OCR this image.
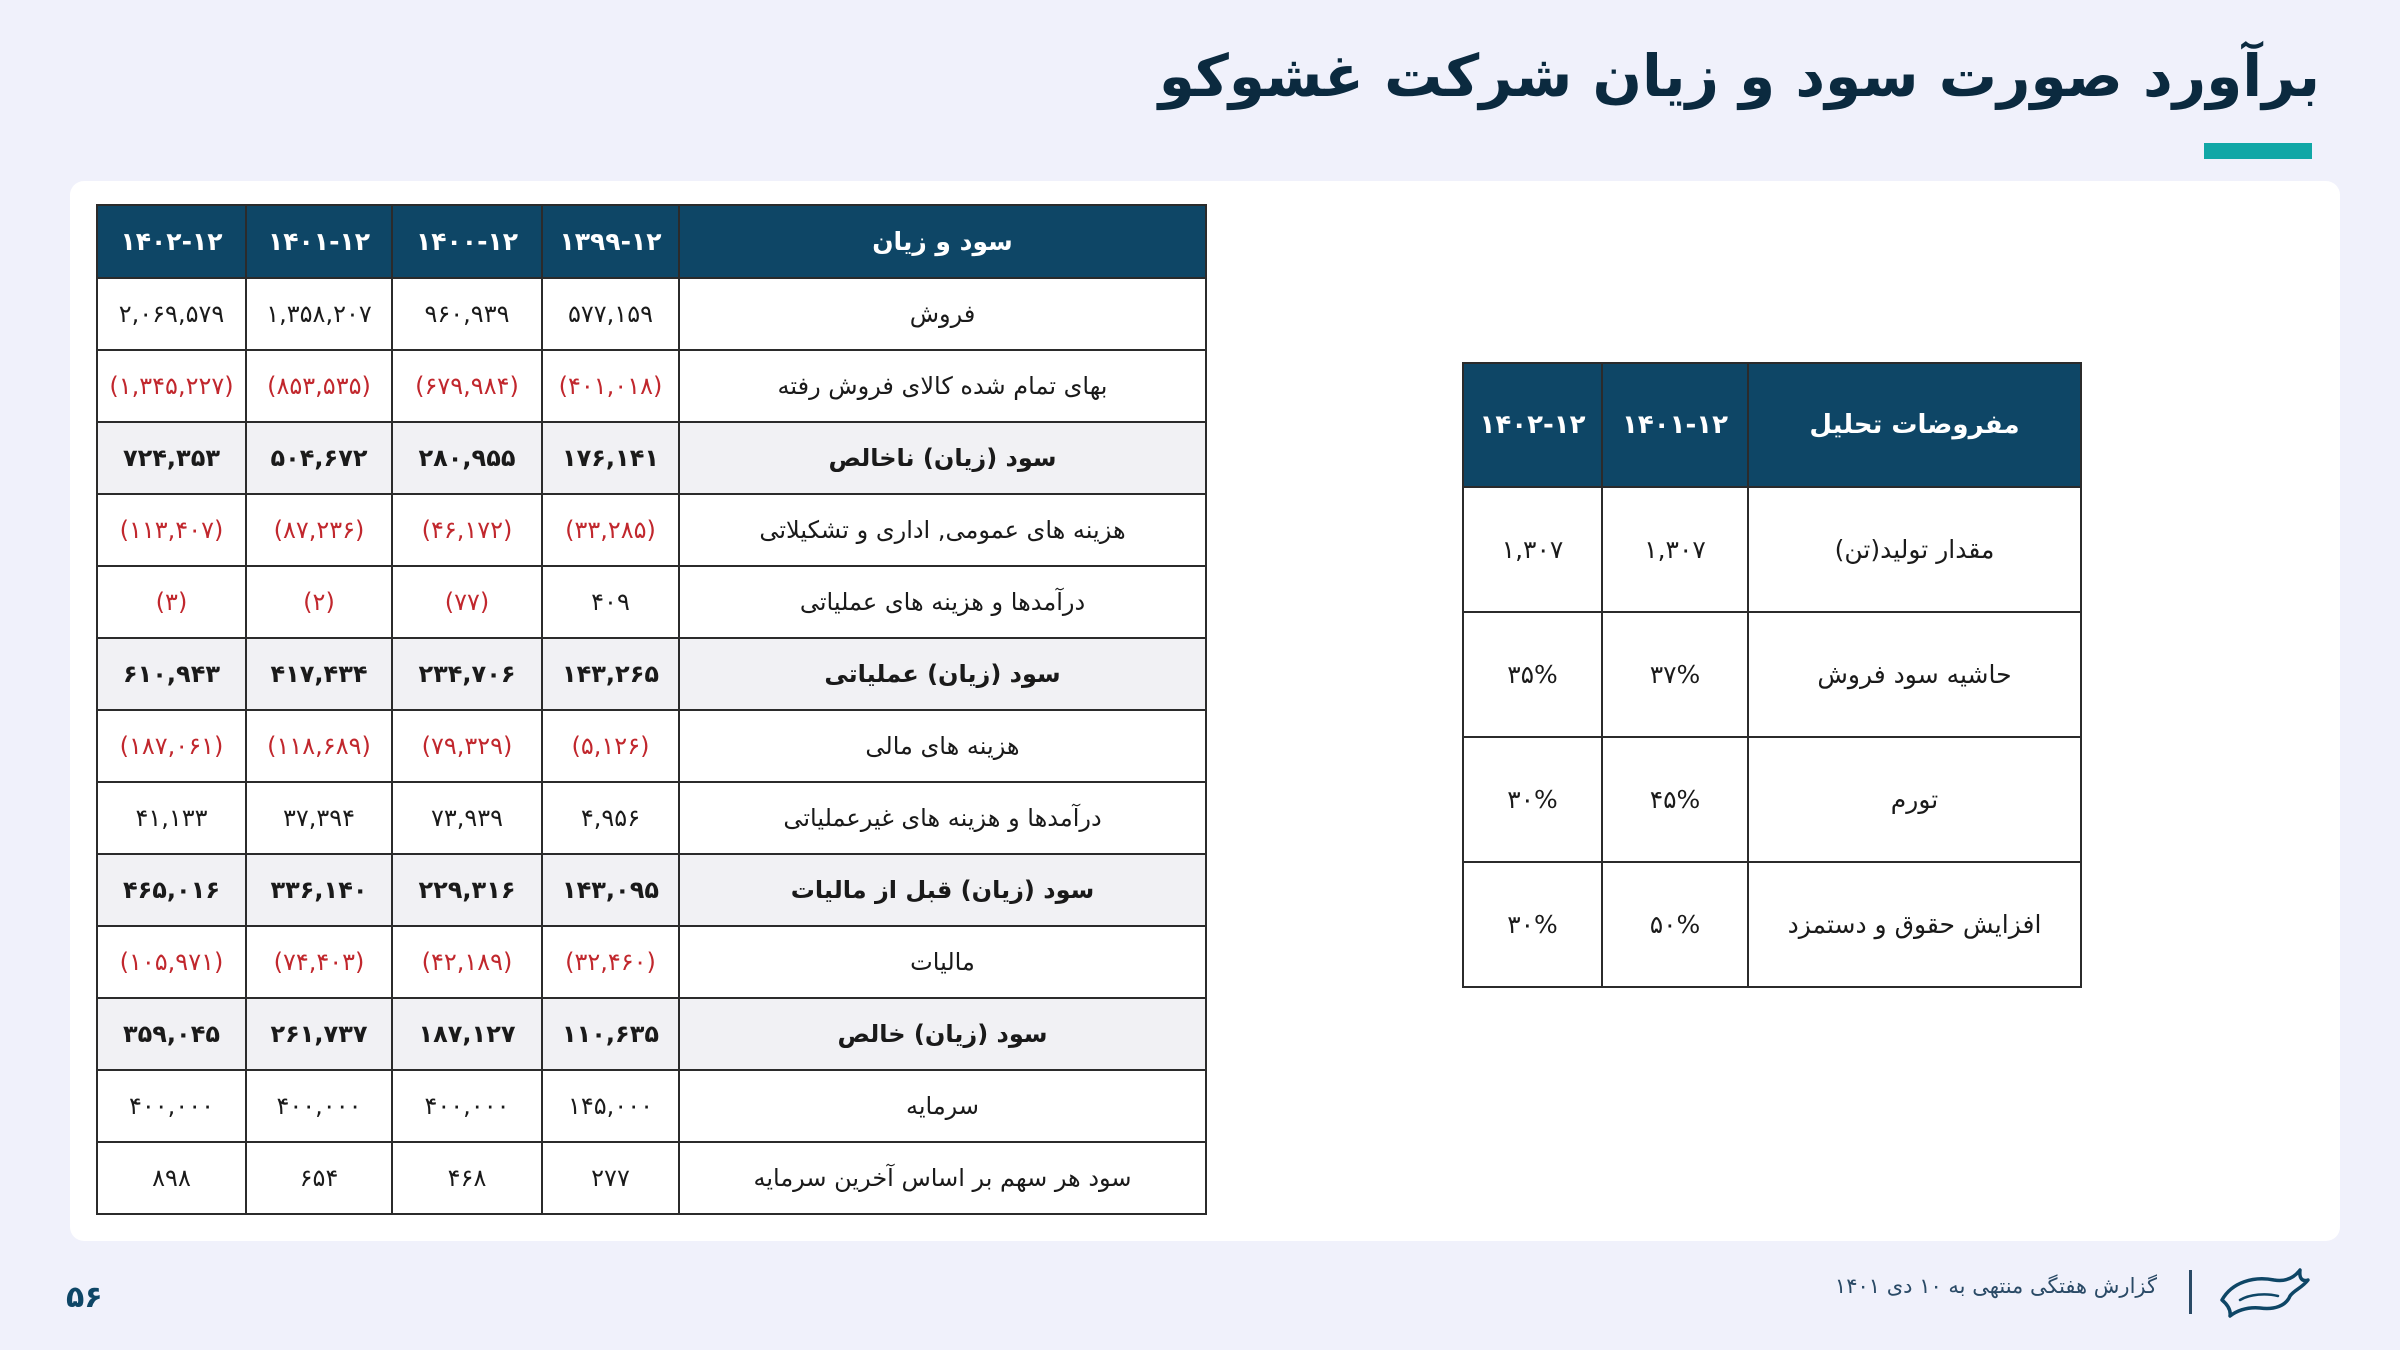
برآورد صورت سود و زیان شرکت غشوکو
سود و زیان	۱۳۹۹-۱۲	۱۴۰۰-۱۲	۱۴۰۱-۱۲	۱۴۰۲-۱۲
فروش	۵۷۷,۱۵۹	۹۶۰,۹۳۹	۱,۳۵۸,۲۰۷	۲,۰۶۹,۵۷۹
بهای تمام شده کالای فروش رفته	(۴۰۱,۰۱۸)	(۶۷۹,۹۸۴)	(۸۵۳,۵۳۵)	(۱,۳۴۵,۲۲۷)
سود (زیان) ناخالص	۱۷۶,۱۴۱	۲۸۰,۹۵۵	۵۰۴,۶۷۲	۷۲۴,۳۵۳
هزینه های عمومی, اداری و تشکیلاتی	(۳۳,۲۸۵)	(۴۶,۱۷۲)	(۸۷,۲۳۶)	(۱۱۳,۴۰۷)
درآمدها و هزینه های عملیاتی	۴۰۹	(۷۷)	(۲)	(۳)
سود (زیان) عملیاتی	۱۴۳,۲۶۵	۲۳۴,۷۰۶	۴۱۷,۴۳۴	۶۱۰,۹۴۳
هزینه های مالی	(۵,۱۲۶)	(۷۹,۳۲۹)	(۱۱۸,۶۸۹)	(۱۸۷,۰۶۱)
درآمدها و هزینه های غیرعملیاتی	۴,۹۵۶	۷۳,۹۳۹	۳۷,۳۹۴	۴۱,۱۳۳
سود (زیان) قبل از مالیات	۱۴۳,۰۹۵	۲۲۹,۳۱۶	۳۳۶,۱۴۰	۴۶۵,۰۱۶
مالیات	(۳۲,۴۶۰)	(۴۲,۱۸۹)	(۷۴,۴۰۳)	(۱۰۵,۹۷۱)
سود (زیان) خالص	۱۱۰,۶۳۵	۱۸۷,۱۲۷	۲۶۱,۷۳۷	۳۵۹,۰۴۵
سرمایه	۱۴۵,۰۰۰	۴۰۰,۰۰۰	۴۰۰,۰۰۰	۴۰۰,۰۰۰
سود هر سهم بر اساس آخرین سرمایه	۲۷۷	۴۶۸	۶۵۴	۸۹۸
مفروضات تحلیل	۱۴۰۱-۱۲	۱۴۰۲-۱۲
مقدار تولید(تن)	۱,۳۰۷	۱,۳۰۷
حاشیه سود فروش	۳۷%	۳۵%
تورم	۴۵%	۳۰%
افزایش حقوق و دستمزد	۵۰%	۳۰%
گزارش هفتگی منتهی به ۱۰ دی ۱۴۰۱
۵۶
